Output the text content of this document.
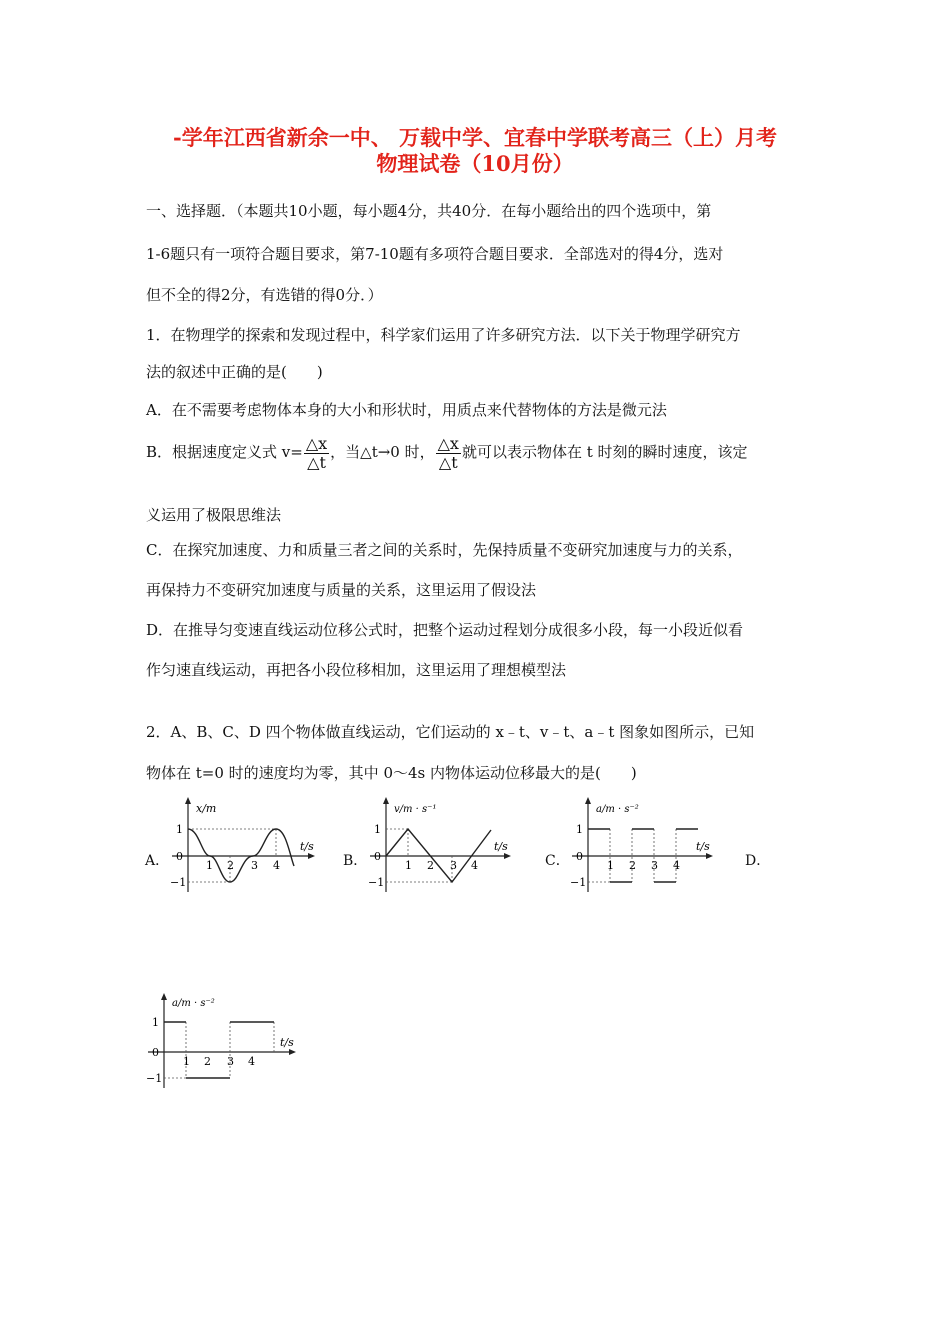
-学年江西省新余一中、 万载中学、宜春中学联考高三（上）月考
物理试卷（10月份）
一、选择题．（本题共10小题，每小题4分，共40分．在每小题给出的四个选项中，第
1-6题只有一项符合题目要求，第7-10题有多项符合题目要求．全部选对的得4分，选对
但不全的得2分，有选错的得0分．）
1．在物理学的探索和发现过程中，科学家们运用了许多研究方法．以下关于物理学研究方
法的叙述中正确的是(　　)
A．在不需要考虑物体本身的大小和形状时，用质点来代替物体的方法是微元法
B．根据速度定义式 $v= \frac{\triangle x}{\triangle t}$ ，当△t→0 时， $\frac{\triangle x}{\triangle t}$ 就可以表示物体在 t 时刻的瞬时速度，该定
义运用了极限思维法
C．在探究加速度、力和质量三者之间的关系时，先保持质量不变研究加速度与力的关系，
再保持力不变研究加速度与质量的关系，这里运用了假设法
D．在推导匀变速直线运动位移公式时，把整个运动过程划分成很多小段，每一小段近似看
作匀速直线运动，再把各小段位移相加，这里运用了理想模型法
2．A、B、C、D 四个物体做直线运动，它们运动的 x﹣t、v﹣t、a﹣t 图象如图所示，已知
物体在 t=0 时的速度均为零，其中 0～4s 内物体运动位移最大的是(　　)
A．	B．	C．	D．
x/m
t/s
1
0
−1
1 2 3 4
v/m · s⁻¹
t/s
1
0
−1
1 2 3 4
a/m · s⁻²
t/s
1
0
−1
1 2 3 4
a/m · s⁻²
t/s
1
0
−1
1 2 3 4
